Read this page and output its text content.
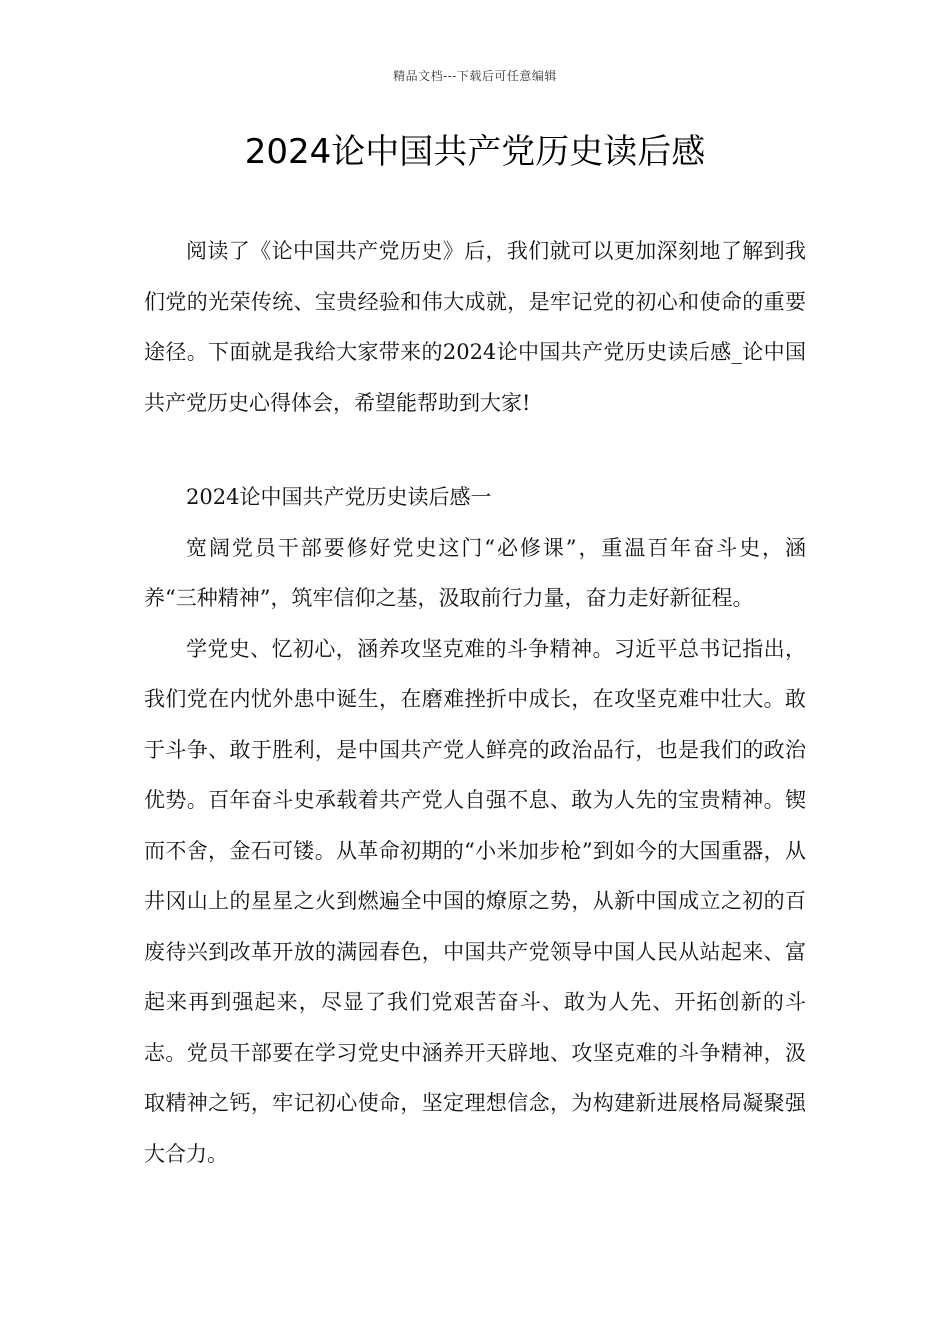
精品文档---下载后可任意编辑
2024论中国共产党历史读后感

阅读了《论中国共产党历史》后，我们就可以更加深刻地了解到我们党的光荣传统、宝贵经验和伟大成就，是牢记党的初心和使命的重要途径。下面就是我给大家带来的2024论中国共产党历史读后感_论中国共产党历史心得体会，希望能帮助到大家!

2024论中国共产党历史读后感一

宽阔党员干部要修好党史这门“必修课”，重温百年奋斗史，涵养“三种精神”，筑牢信仰之基，汲取前行力量，奋力走好新征程。

学党史、忆初心，涵养攻坚克难的斗争精神。习近平总书记指出，我们党在内忧外患中诞生，在磨难挫折中成长，在攻坚克难中壮大。敢于斗争、敢于胜利，是中国共产党人鲜亮的政治品行，也是我们的政治优势。百年奋斗史承载着共产党人自强不息、敢为人先的宝贵精神。锲而不舍，金石可镂。从革命初期的“小米加步枪”到如今的大国重器，从井冈山上的星星之火到燃遍全中国的燎原之势，从新中国成立之初的百废待兴到改革开放的满园春色，中国共产党领导中国人民从站起来、富起来再到强起来，尽显了我们党艰苦奋斗、敢为人先、开拓创新的斗志。党员干部要在学习党史中涵养开天辟地、攻坚克难的斗争精神，汲取精神之钙，牢记初心使命，坚定理想信念，为构建新进展格局凝聚强大合力。
